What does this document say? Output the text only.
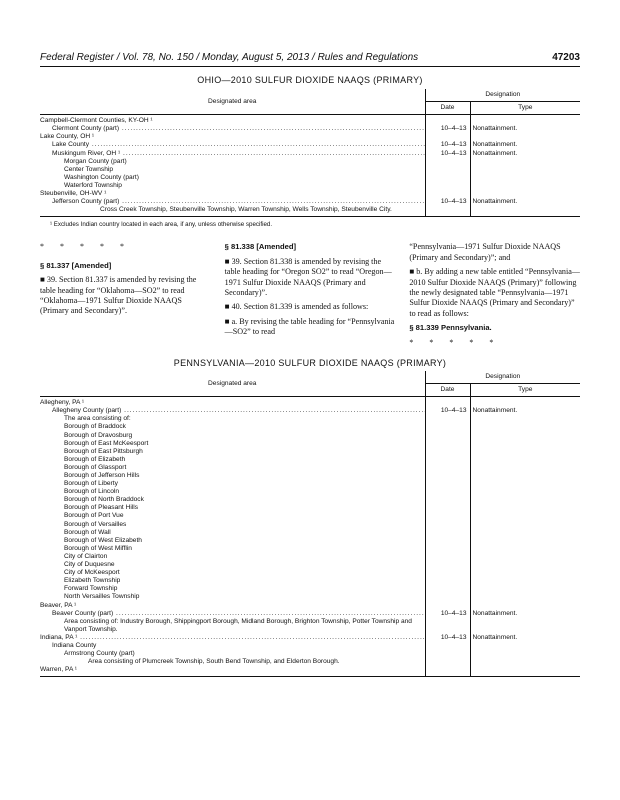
Federal Register / Vol. 78, No. 150 / Monday, August 5, 2013 / Rules and Regulations	47203
OHIO—2010 SULFUR DIOXIDE NAAQS (PRIMARY)
Designated area	Designation	
	Date	Type
Campbell-Clermont Counties, KY-OH ¹		
Clermont County (part) .....	10–4–13	Nonattainment.
Lake County, OH ¹		
Lake County .....	10–4–13	Nonattainment.
Muskingum River, OH ¹ .....	10–4–13	Nonattainment.
Morgan County (part)		
Center Township		
Washington County (part)		
Waterford Township		
Steubenville, OH-WV ¹		
Jefferson County (part) .....	10–4–13	Nonattainment.
Cross Creek Township, Steubenville Township, Warren Township, Wells Township, Steubenville City.		
¹ Excludes Indian country located in each area, if any, unless otherwise specified.

* * * * *

§ 81.337 [Amended]

■ 39. Section 81.337 is amended by revising the table heading for “Oklahoma—SO2” to read “Oklahoma—1971 Sulfur Dioxide NAAQS (Primary and Secondary)”.

§ 81.338 [Amended]

■ 39. Section 81.338 is amended by revising the table heading for “Oregon SO2” to read “Oregon—1971 Sulfur Dioxide NAAQS (Primary and Secondary)”.

■ 40. Section 81.339 is amended as follows:

■ a. By revising the table heading for “Pennsylvania—SO2” to read

“Pennsylvania—1971 Sulfur Dioxide NAAQS (Primary and Secondary)”; and

■ b. By adding a new table entitled “Pennsylvania—2010 Sulfur Dioxide NAAQS (Primary)” following the newly designated table “Pennsylvania—1971 Sulfur Dioxide NAAQS (Primary and Secondary)” to read as follows:

§ 81.339 Pennsylvania.

* * * * *

PENNSYLVANIA—2010 SULFUR DIOXIDE NAAQS (PRIMARY)
Designated area	Designation	
	Date	Type
Allegheny, PA ¹		
Allegheny County (part) .....	10–4–13	Nonattainment.
The area consisting of:		
Borough of Braddock		
Borough of Dravosburg		
Borough of East McKeesport		
Borough of East Pittsburgh		
Borough of Elizabeth		
Borough of Glassport		
Borough of Jefferson Hills		
Borough of Liberty		
Borough of Lincoln		
Borough of North Braddock		
Borough of Pleasant Hills		
Borough of Port Vue		
Borough of Versailles		
Borough of Wall		
Borough of West Elizabeth		
Borough of West Mifflin		
City of Clairton		
City of Duquesne		
City of McKeesport		
Elizabeth Township		
Forward Township		
North Versailles Township		
Beaver, PA ¹		
Beaver County (part) .....	10–4–13	Nonattainment.
Area consisting of: Industry Borough, Shippingport Borough, Midland Borough, Brighton Township, Potter Township and Vanport Township.		
Indiana, PA ¹ .....	10–4–13	Nonattainment.
Indiana County		
Armstrong County (part)		
Area consisting of Plumcreek Township, South Bend Township, and Elderton Borough.		
Warren, PA ¹		
